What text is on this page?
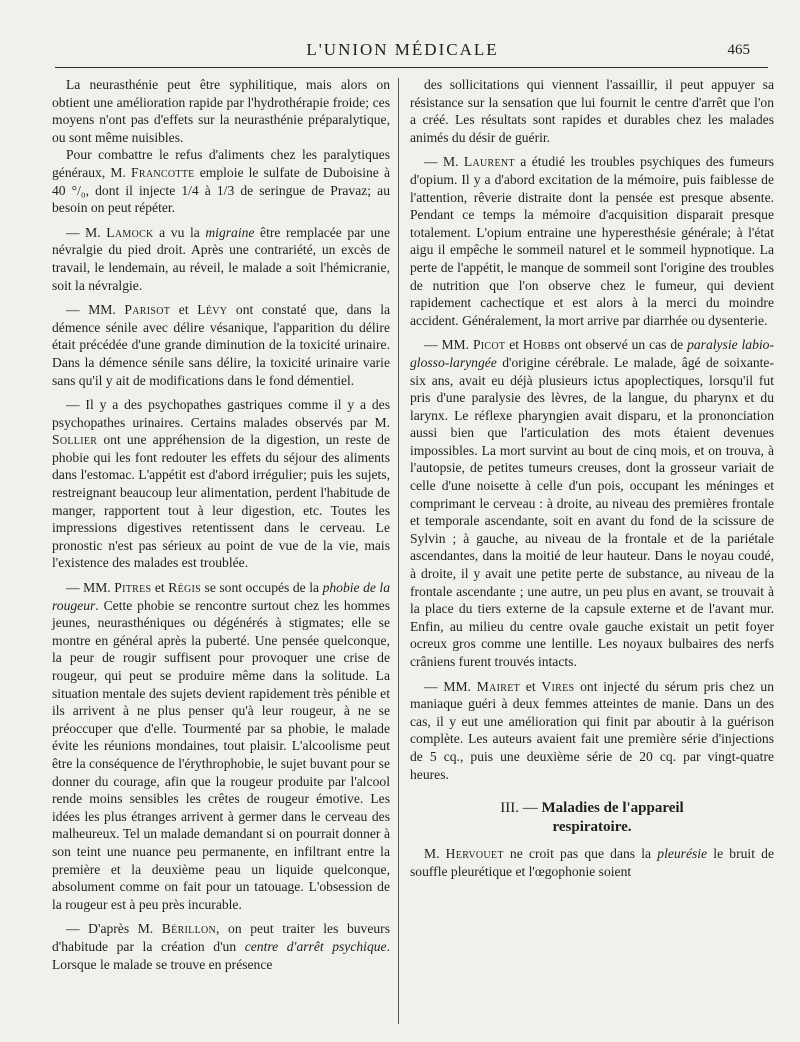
L'UNION MÉDICALE	465

La neurasthénie peut être syphilitique, mais alors on obtient une amélioration rapide par l'hydrothérapie froide; ces moyens n'ont pas d'effets sur la neurasthénie préparalytique, ou sont même nuisibles.

Pour combattre le refus d'aliments chez les paralytiques généraux, M. Francotte emploie le sulfate de Duboisine à 40 °/₀, dont il injecte 1/4 à 1/3 de seringue de Pravaz; au besoin on peut répéter.

— M. Lamock a vu la migraine être remplacée par une névralgie du pied droit. Après une contrariété, un excès de travail, le lendemain, au réveil, le malade a soit l'hémicranie, soit la névralgie.

— MM. Parisot et Lévy ont constaté que, dans la démence sénile avec délire vésanique, l'apparition du délire était précédée d'une grande diminution de la toxicité urinaire. Dans la démence sénile sans délire, la toxicité urinaire varie sans qu'il y ait de modifications dans le fond démentiel.

— Il y a des psychopathes gastriques comme il y a des psychopathes urinaires. Certains malades observés par M. Sollier ont une appréhension de la digestion, un reste de phobie qui les font redouter les effets du séjour des aliments dans l'estomac. L'appétit est d'abord irrégulier; puis les sujets, restreignant beaucoup leur alimentation, perdent l'habitude de manger, rapportent tout à leur digestion, etc. Toutes les impressions digestives retentissent dans le cerveau. Le pronostic n'est pas sérieux au point de vue de la vie, mais l'existence des malades est troublée.

— MM. Pitres et Régis se sont occupés de la phobie de la rougeur. Cette phobie se rencontre surtout chez les hommes jeunes, neurasthéniques ou dégénérés à stigmates; elle se montre en général après la puberté. Une pensée quelconque, la peur de rougir suffisent pour provoquer une crise de rougeur, qui peut se produire même dans la solitude. La situation mentale des sujets devient rapidement très pénible et ils arrivent à ne plus penser qu'à leur rougeur, à ne se préoccuper que d'elle. Tourmenté par sa phobie, le malade évite les réunions mondaines, tout plaisir. L'alcoolisme peut être la conséquence de l'érythrophobie, le sujet buvant pour se donner du courage, afin que la rougeur produite par l'alcool rende moins sensibles les crêtes de rougeur émotive. Les idées les plus étranges arrivent à germer dans le cerveau des malheureux. Tel un malade demandant si on pourrait donner à son teint une nuance peu permanente, en infiltrant entre la première et la deuxième peau un liquide quelconque, absolument comme on fait pour un tatouage. L'obsession de la rougeur est à peu près incurable.

— D'après M. Bérillon, on peut traiter les buveurs d'habitude par la création d'un centre d'arrêt psychique. Lorsque le malade se trouve en présence

des sollicitations qui viennent l'assaillir, il peut appuyer sa résistance sur la sensation que lui fournit le centre d'arrêt que l'on a créé. Les résultats sont rapides et durables chez les malades animés du désir de guérir.

— M. Laurent a étudié les troubles psychiques des fumeurs d'opium. Il y a d'abord excitation de la mémoire, puis faiblesse de l'attention, rêverie distraite dont la pensée est presque absente. Pendant ce temps la mémoire d'acquisition disparait presque totalement. L'opium entraine une hyperesthésie générale; à l'état aigu il empêche le sommeil naturel et le sommeil hypnotique. La perte de l'appétit, le manque de sommeil sont l'origine des troubles de nutrition que l'on observe chez le fumeur, qui devient rapidement cachectique et est alors à la merci du moindre accident. Généralement, la mort arrive par diarrhée ou dysenterie.

— MM. Picot et Hobbs ont observé un cas de paralysie labio-glosso-laryngée d'origine cérébrale. Le malade, âgé de soixante-six ans, avait eu déjà plusieurs ictus apoplectiques, lorsqu'il fut pris d'une paralysie des lèvres, de la langue, du pharynx et du larynx. Le réflexe pharyngien avait disparu, et la prononciation aussi bien que l'articulation des mots étaient devenues impossibles. La mort survint au bout de cinq mois, et on trouva, à l'autopsie, de petites tumeurs creuses, dont la grosseur variait de celle d'une noisette à celle d'un pois, occupant les méninges et comprimant le cerveau : à droite, au niveau des premières frontale et temporale ascendante, soit en avant du fond de la scissure de Sylvin ; à gauche, au niveau de la frontale et de la pariétale ascendantes, dans la moitié de leur hauteur. Dans le noyau coudé, à droite, il y avait une petite perte de substance, au niveau de la frontale ascendante ; une autre, un peu plus en avant, se trouvait à la place du tiers externe de la capsule externe et de l'avant mur. Enfin, au milieu du centre ovale gauche existait un petit foyer ocreux gros comme une lentille. Les noyaux bulbaires des nerfs crâniens furent trouvés intacts.

— MM. Mairet et Vires ont injecté du sérum pris chez un maniaque guéri à deux femmes atteintes de manie. Dans un des cas, il y eut une amélioration qui finit par aboutir à la guérison complète. Les auteurs avaient fait une première série d'injections de 5 cq., puis une deuxième série de 20 cq. par vingt-quatre heures.

III. — Maladies de l'appareil
respiratoire.

M. Hervouet ne croit pas que dans la pleurésie le bruit de souffle pleurétique et l'œgophonie soient
